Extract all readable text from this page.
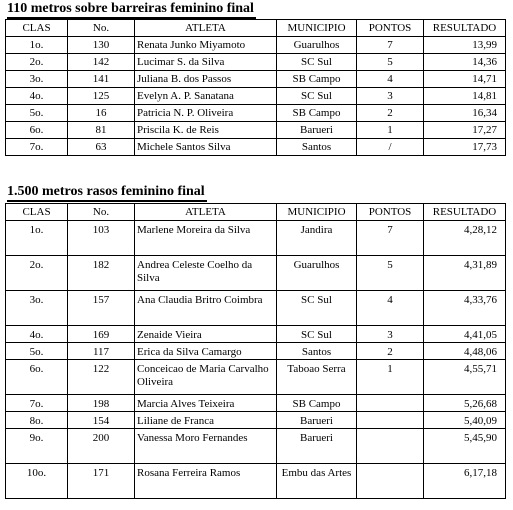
110 metros sobre barreiras feminino final
CLAS	No.	ATLETA	MUNICIPIO	PONTOS	RESULTADO
1o.	130	Renata Junko Miyamoto	Guarulhos	7	13,99
2o.	142	Lucimar S. da Silva	SC Sul	5	14,36
3o.	141	Juliana B. dos Passos	SB Campo	4	14,71
4o.	125	Evelyn A. P. Sanatana	SC Sul	3	14,81
5o.	16	Patricia N. P. Oliveira	SB Campo	2	16,34
6o.	81	Priscila K. de Reis	Barueri	1	17,27
7o.	63	Michele Santos Silva	Santos	/	17,73
1.500 metros rasos feminino final
CLAS	No.	ATLETA	MUNICIPIO	PONTOS	RESULTADO
1o.	103	Marlene Moreira da Silva	Jandira	7	4,28,12
2o.	182	Andrea Celeste Coelho da Silva	Guarulhos	5	4,31,89
3o.	157	Ana Claudia Britro Coimbra	SC Sul	4	4,33,76
4o.	169	Zenaide Vieira	SC Sul	3	4,41,05
5o.	117	Erica da Silva Camargo	Santos	2	4,48,06
6o.	122	Conceicao de Maria Carvalho Oliveira	Taboao Serra	1	4,55,71
7o.	198	Marcia Alves Teixeira	SB Campo		5,26,68
8o.	154	Liliane de Franca	Barueri		5,40,09
9o.	200	Vanessa Moro Fernandes	Barueri		5,45,90
10o.	171	Rosana Ferreira Ramos	Embu das Artes		6,17,18
